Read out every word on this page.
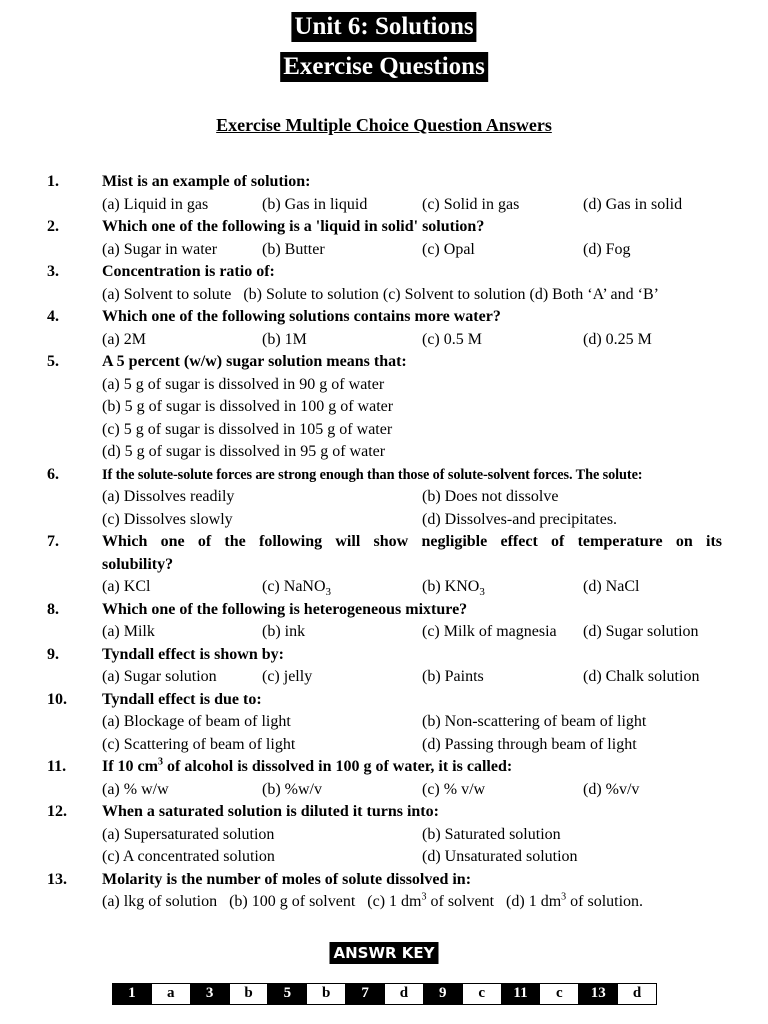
Unit 6: Solutions
Exercise Questions
Exercise Multiple Choice Question Answers
1.	Mist is an example of solution:
(a) Liquid in gas	(b) Gas in liquid	(c) Solid in gas	(d) Gas in solid
2.	Which one of the following is a 'liquid in solid' solution?
(a) Sugar in water	(b) Butter	(c) Opal	(d) Fog
3.	Concentration is ratio of:
(a) Solvent to solute   (b) Solute to solution (c) Solvent to solution (d) Both ‘A’ and ‘B’
4.	Which one of the following solutions contains more water?
(a) 2M	(b) 1M	(c) 0.5 M	(d) 0.25 M
5.	A 5 percent (w/w) sugar solution means that:
(a) 5 g of sugar is dissolved in 90 g of water
(b) 5 g of sugar is dissolved in 100 g of water
(c) 5 g of sugar is dissolved in 105 g of water
(d) 5 g of sugar is dissolved in 95 g of water
6.	If the solute-solute forces are strong enough than those of solute-solvent forces. The solute:
(a) Dissolves readily	(b) Does not dissolve
(c) Dissolves slowly	(d) Dissolves-and precipitates.
7.	Which one of the following will show negligible effect of temperature on its
solubility?
(a) KCl	(c) NaNO$_3$	(b) $KNO_3$	(d) NaCl
8.	Which one of the following is heterogeneous mixture?
(a) Milk	(b) ink	(c) Milk of magnesia (d) Sugar solution
9.	Tyndall effect is shown by:
(a) Sugar solution	(c) jelly	(b) Paints	(d) Chalk solution
10. Tyndall effect is due to:
(a) Blockage of beam of light	(b) Non-scattering of beam of light
(c) Scattering of beam of light	(d) Passing through beam of light
11. If 10 $cm^3$ of alcohol is dissolved in 100 g of water, it is called:
(a) % w/w	(b) %w/v	(c) % v/w	(d) %v/v
12. When a saturated solution is diluted it turns into:
(a) Supersaturated solution	(b) Saturated solution
(c) A concentrated solution	(d) Unsaturated solution
13. Molarity is the number of moles of solute dissolved in:
(a) lkg of solution   (b) 100 g of solvent   (c) 1 $dm^3$ of solvent   (d) 1 $dm^3$ of solution.
ANSWR KEY
1	a	3	b	5	b	7	d	9	c	11	c	13	d
